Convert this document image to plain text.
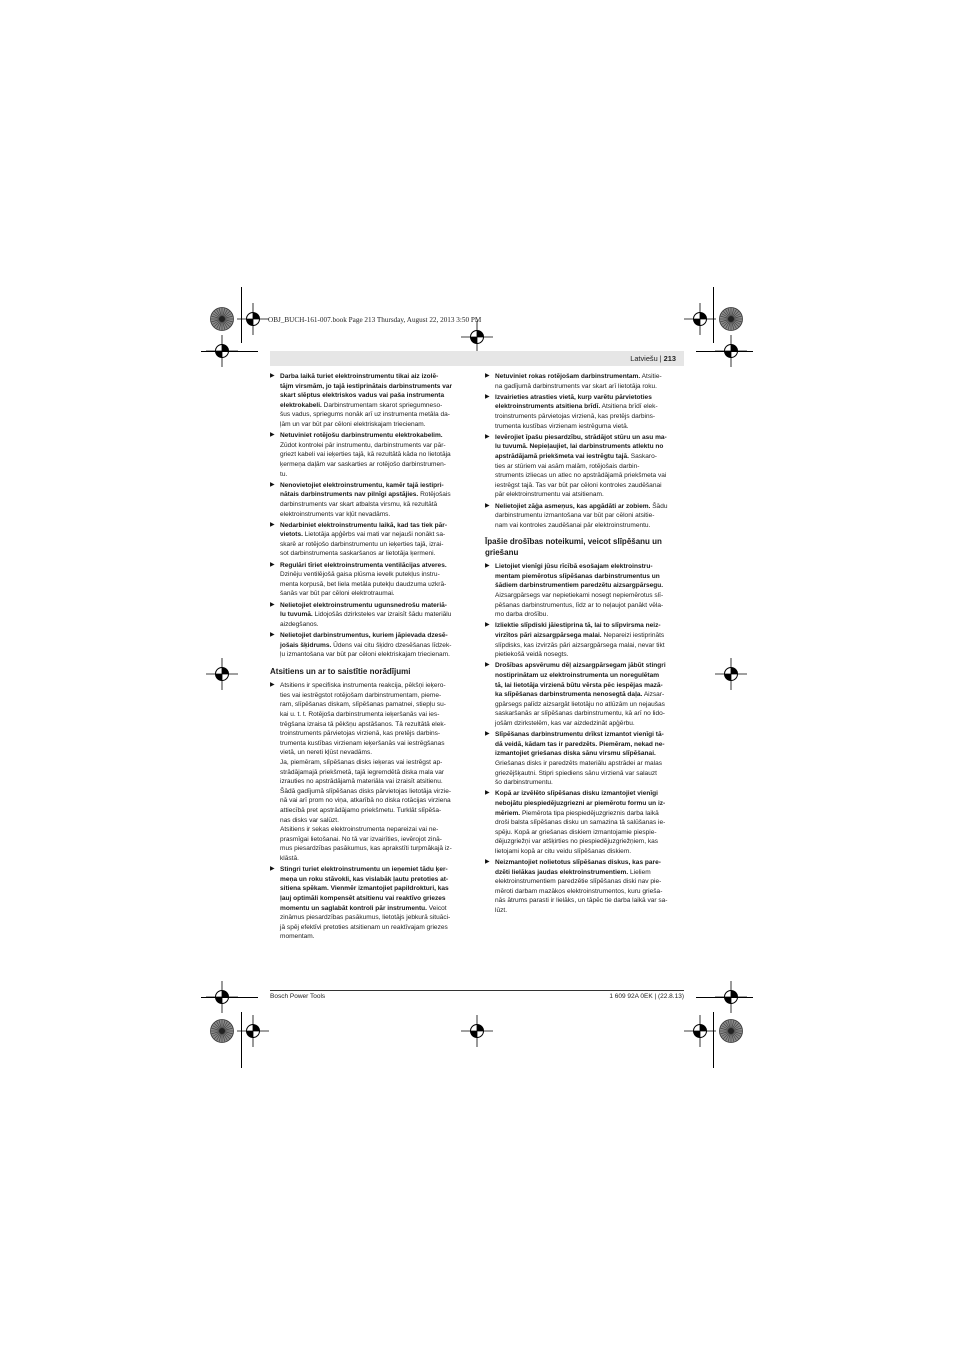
OBJ_BUCH-161-007.book Page 213 Thursday, August 22, 2013 3:50 PM
Latviešu | 213
▶ Darba laikā turiet elektroinstrumentu tikai aiz izolē-
tājm virsmām, jo tajā iestiprinātais darbinstruments var
skart slēptus elektriskos vadus vai paša instrumenta
elektrokabeli. Darbinstrumentam skarot spriegumneso-
šus vadus, spriegums nonāk arī uz instrumenta metāla da-
ļām un var būt par cēloni elektriskajam triecienam.
▶ Netuviniet rotējošu darbinstrumentu elektrokabelim.
Zūdot kontrolei pār instrumentu, darbinstruments var pār-
griezt kabeli vai ieķerties tajā, kā rezultātā kāda no lietotāja
ķermeņa daļām var saskarties ar rotējošo darbinstrumen-
tu.
▶ Nenovietojiet elektroinstrumentu, kamēr tajā iestipri-
nātais darbinstruments nav pilnīgi apstājies. Rotējošais
darbinstruments var skart atbalsta virsmu, kā rezultātā
elektroinstruments var kļūt nevadāms.
▶ Nedarbiniet elektroinstrumentu laikā, kad tas tiek pār-
vietots. Lietotāja apģērbs vai mati var nejauši nonākt sa-
skarē ar rotējošo darbinstrumentu un ieķerties tajā, izrai-
sot darbinstrumenta saskaršanos ar lietotāja ķermeni.
▶ Regulāri tīriet elektroinstrumenta ventilācijas atveres.
Dzinēju ventilējošā gaisa plūsma ievelk putekļus instru-
menta korpusā, bet liela metāla putekļu daudzuma uzkrā-
šanās var būt par cēloni elektrotraumai.
▶ Nelietojiet elektroinstrumentu ugunsnedrošu materiā-
lu tuvumā. Lidojošās dzirksteles var izraisīt šādu materiālu
aizdegšanos.
▶ Nelietojiet darbinstrumentus, kuriem jāpievada dzesē-
jošais šķidrums. Ūdens vai citu šķidro dzesēšanas līdzek-
ļu izmantošana var būt par cēloni elektriskajam triecienam.
Atsitiens un ar to saistītie norādījumi
▶ Atsitiens ir specifiska instrumenta reakcija, pēkšņi ieķero-
ties vai iestrēgstot rotējošam darbinstrumentam, pieme-
ram, slīpēšanas diskam, slīpēšanas pamatnei, stiepļu su-
kai u. t. t. Rotējoša darbinstrumenta ieķeršanās vai ies-
trēgšana izraisa tā pēkšņu apstāšanos. Tā rezultātā elek-
troinstruments pārvietojas virzienā, kas pretējs darbins-
trumenta kustības virzienam ieķeršanās vai iestrēgšanas
vietā, un nereti kļūst nevadāms.
Ja, piemēram, slīpēšanas disks ieķeras vai iestrēgst ap-
strādājamajā priekšmetā, tajā iegremdētā diska mala var
izrauties no apstrādājamā materiāla vai izraisīt atsitienu.
Šādā gadījumā slīpēšanas disks pārvietojas lietotāja virzie-
nā vai arī prom no viņa, atkarībā no diska rotācijas virziena
attiecībā pret apstrādājamo priekšmetu. Turklāt slīpēša-
nas disks var salūzt.
Atsitiens ir sekas elektroinstrumenta nepareizai vai ne-
prasmīgai lietošanai. No tā var izvairīties, ievērojot zinā-
mus piesardzības pasākumus, kas aprakstīti turpmākajā iz-
klāstā.
▶ Stingri turiet elektroinstrumentu un ieņemiet tādu ķer-
meņa un roku stāvokli, kas vislabāk ļautu pretoties at-
sitiena spēkam. Vienmēr izmantojiet papildrokturi, kas
ļauj optimāli kompensēt atsitienu vai reaktīvo griezes
momentu un saglabāt kontroli pār instrumentu. Veicot
zināmus piesardzības pasākumus, lietotājs jebkurā situāci-
jā spēj efektīvi pretoties atsitienam un reaktīvajam griezes
momentam.
▶ Netuviniet rokas rotējošam darbinstrumentam. Atsitie-
na gadījumā darbinstruments var skart arī lietotāja roku.
▶ Izvairieties atrasties vietā, kurp varētu pārvietoties
elektroinstruments atsitiena brīdī. Atsitiena brīdī elek-
troinstruments pārvietojas virzienā, kas pretējs darbins-
trumenta kustības virzienam iestrēguma vietā.
▶ Ievērojiet īpašu piesardzību, strādājot stūru un asu ma-
lu tuvumā. Nepieļaujiet, lai darbinstruments atlektu no
apstrādājamā priekšmeta vai iestrēgtu tajā. Saskaro-
ties ar stūriem vai asām malām, rotējošais darbin-
struments izliecas un atlec no apstrādājamā priekšmeta vai
iestrēgst tajā. Tas var būt par cēloni kontroles zaudēšanai
pār elektroinstrumentu vai atsitienam.
▶ Nelietojiet zāģa asmeņus, kas apgādāti ar zobiem. Šādu
darbinstrumentu izmantošana var būt par cēloni atsitie-
nam vai kontroles zaudēšanai pār elektroinstrumentu.
Īpašie drošības noteikumi, veicot slīpēšanu un
griešanu
▶ Lietojiet vienīgi jūsu rīcībā esošajam elektroinstru-
mentam piemērotus slīpēšanas darbinstrumentus un
šādiem darbinstrumentiem paredzētu aizsargpārsegu.
Aizsargpārsegs var nepietiekami nosegt nepiemērotus slī-
pēšanas darbinstrumentus, līdz ar to neļaujot panākt vēla-
mo darba drošību.
▶ Izliektie slīpdiski jāiestiprina tā, lai to slīpvirsma neiz-
virzītos pāri aizsargpārsega malai. Nepareizi iestiprināts
slīpdisks, kas izvirzās pāri aizsargpārsega malai, nevar tikt
pietiekošā veidā nosegts.
▶ Drošības apsvērumu dēļ aizsargpārsegam jābūt stingri
nostiprinātam uz elektroinstrumenta un noregulētam
tā, lai lietotāja virzienā būtu vērsta pēc iespējas mazā-
ka slīpēšanas darbinstrumenta nenosegtā daļa. Aizsar-
gpārsegs palīdz aizsargāt lietotāju no atlūzām un nejaušas
saskaršanās ar slīpēšanas darbinstrumentu, kā arī no lido-
jošām dzirkstelēm, kas var aizdedzināt apģērbu.
▶ Slīpēšanas darbinstrumentu drīkst izmantot vienīgi tā-
dā veidā, kādam tas ir paredzēts. Piemēram, nekad ne-
izmantojiet griešanas diska sānu virsmu slīpēšanai.
Griešanas disks ir paredzēts materiālu apstrādei ar malas
griezējšķautni. Stipri spiediens sānu virzienā var salauzt
šo darbinstrumentu.
▶ Kopā ar izvēlēto slīpēšanas disku izmantojiet vienīgi
nebojātu piespiedējuzgriezni ar piemērotu formu un iz-
mēriem. Piemērota tipa piespiedējuzgrieznis darba laikā
droši balsta slīpēšanas disku un samazina tā salūšanas ie-
spēju. Kopā ar griešanas diskiem izmantojamie piespie-
dējuzgriežņi var atšķirties no piespiedējuzgriežņiem, kas
lietojami kopā ar citu veidu slīpēšanas diskiem.
▶ Neizmantojiet nolietotus slīpēšanas diskus, kas pare-
dzēti lielākas jaudas elektroinstrumentiem. Lieliem
elektroinstrumentiem paredzētie slīpēšanas diski nav pie-
mēroti darbam mazākos elektroinstrumentos, kuru grieša-
nās ātrums parasti ir lielāks, un tāpēc tie darba laikā var sa-
lūzt.
Bosch Power Tools	1 609 92A 0EK | (22.8.13)
